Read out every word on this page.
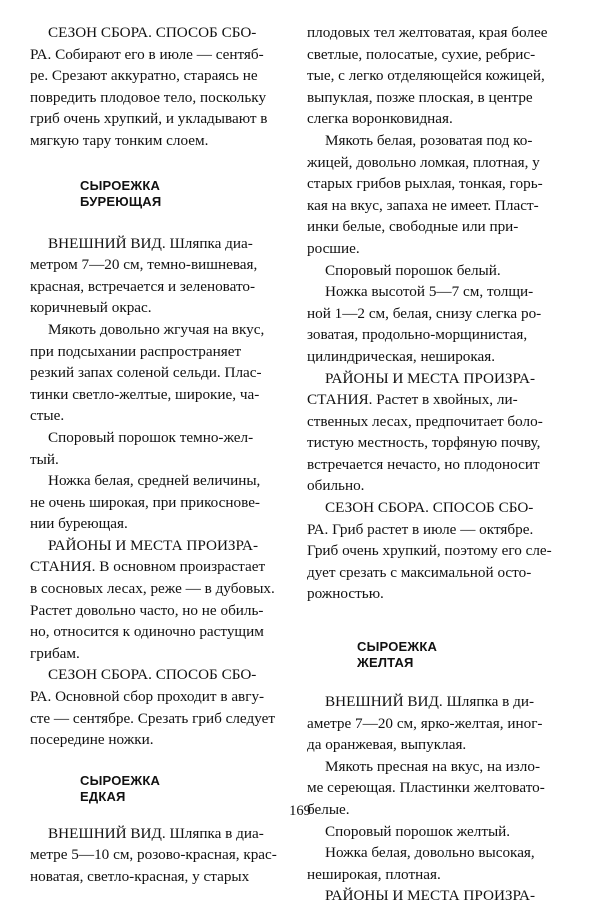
СЕЗОН СБОРА. СПОСОБ СБО-
РА. Собирают его в июле — сентяб-
ре. Срезают аккуратно, стараясь не
повредить плодовое тело, поскольку
гриб очень хрупкий, и укладывают в
мягкую тару тонким слоем.

СЫРОЕЖКА
БУРЕЮЩАЯ

ВНЕШНИЙ ВИД. Шляпка диа-
метром 7—20 см, темно-вишневая,
красная, встречается и зеленовато-
коричневый окрас.

Мякоть довольно жгучая на вкус,
при подсыхании распространяет
резкий запах соленой сельди. Плас-
тинки светло-желтые, широкие, ча-
стые.

Споровый порошок темно-жел-
тый.

Ножка белая, средней величины,
не очень широкая, при прикоснове-
нии буреющая.

РАЙОНЫ И МЕСТА ПРОИЗРА-
СТАНИЯ. В основном произрастает
в сосновых лесах, реже — в дубовых.
Растет довольно часто, но не обиль-
но, относится к одиночно растущим
грибам.

СЕЗОН СБОРА. СПОСОБ СБО-
РА. Основной сбор проходит в авгу-
сте — сентябре. Срезать гриб следует
посередине ножки.

СЫРОЕЖКА
ЕДКАЯ

ВНЕШНИЙ ВИД. Шляпка в диа-
метре 5—10 см, розово-красная, крас-
новатая, светло-красная, у старых

плодовых тел желтоватая, края более
светлые, полосатые, сухие, ребрис-
тые, с легко отделяющейся кожицей,
выпуклая, позже плоская, в центре
слегка воронковидная.

Мякоть белая, розоватая под ко-
жицей, довольно ломкая, плотная, у
старых грибов рыхлая, тонкая, горь-
кая на вкус, запаха не имеет. Пласт-
инки белые, свободные или при-
росшие.

Споровый порошок белый.

Ножка высотой 5—7 см, толщи-
ной 1—2 см, белая, снизу слегка ро-
зоватая, продольно-морщинистая,
цилиндрическая, неширокая.

РАЙОНЫ И МЕСТА ПРОИЗРА-
СТАНИЯ. Растет в хвойных, ли-
ственных лесах, предпочитает боло-
тистую местность, торфяную почву,
встречается нечасто, но плодоносит
обильно.

СЕЗОН СБОРА. СПОСОБ СБО-
РА. Гриб растет в июле — октябре.
Гриб очень хрупкий, поэтому его сле-
дует срезать с максимальной осто-
рожностью.

СЫРОЕЖКА
ЖЕЛТАЯ

ВНЕШНИЙ ВИД. Шляпка в ди-
аметре 7—20 см, ярко-желтая, иног-
да оранжевая, выпуклая.

Мякоть пресная на вкус, на изло-
ме сереющая. Пластинки желтовато-
белые.

Споровый порошок желтый.

Ножка белая, довольно высокая,
неширокая, плотная.

РАЙОНЫ И МЕСТА ПРОИЗРА-

169
